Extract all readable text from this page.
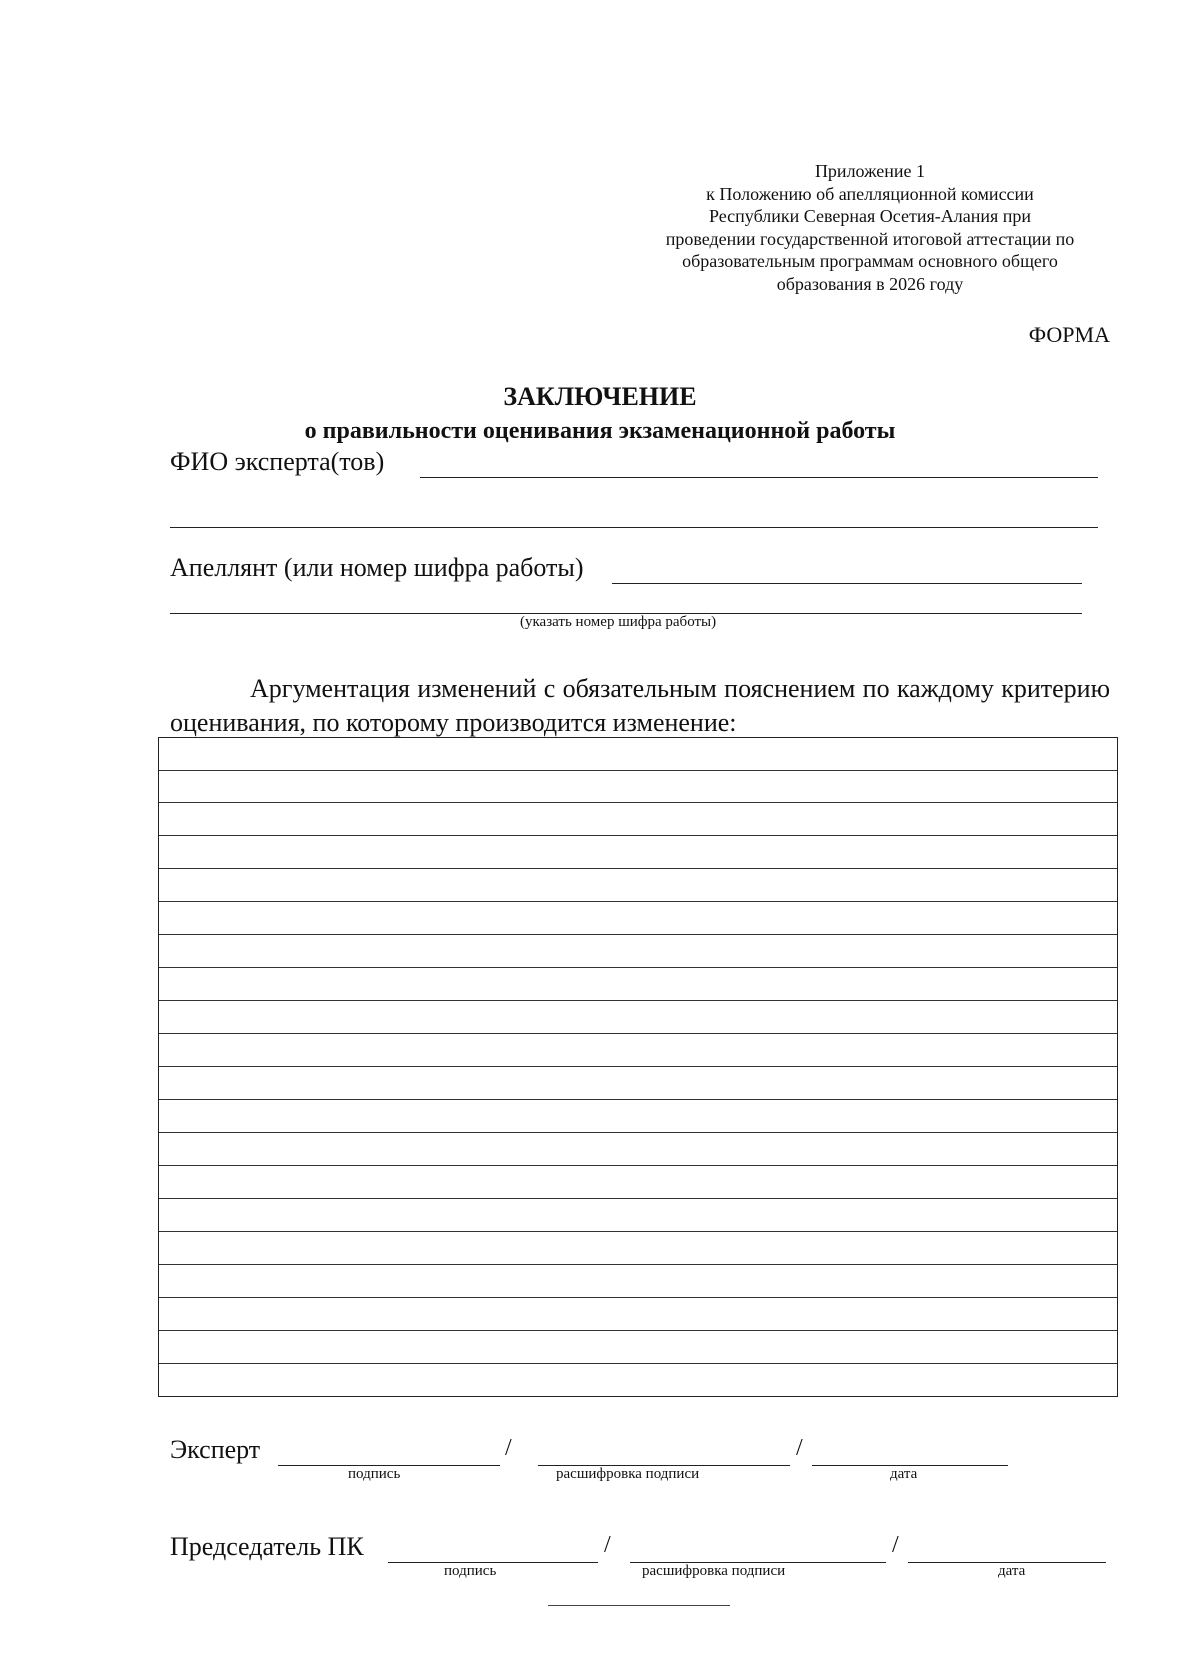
Приложение 1
к Положению об апелляционной комиссии
Республики Северная Осетия-Алания при
проведении государственной итоговой аттестации по
образовательным программам основного общего
образования в 2026 году
ФОРМА
ЗАКЛЮЧЕНИЕ
о правильности оценивания экзаменационной работы
ФИО эксперта(тов)
Апеллянт (или номер шифра работы)
(указать номер шифра работы)
Аргументация изменений с обязательным пояснением по каждому критерию оценивания, по которому производится изменение:
Эксперт	/	/
подпись	расшифровка подписи	дата
Председатель ПК	/	/
подпись	расшифровка подписи	дата
